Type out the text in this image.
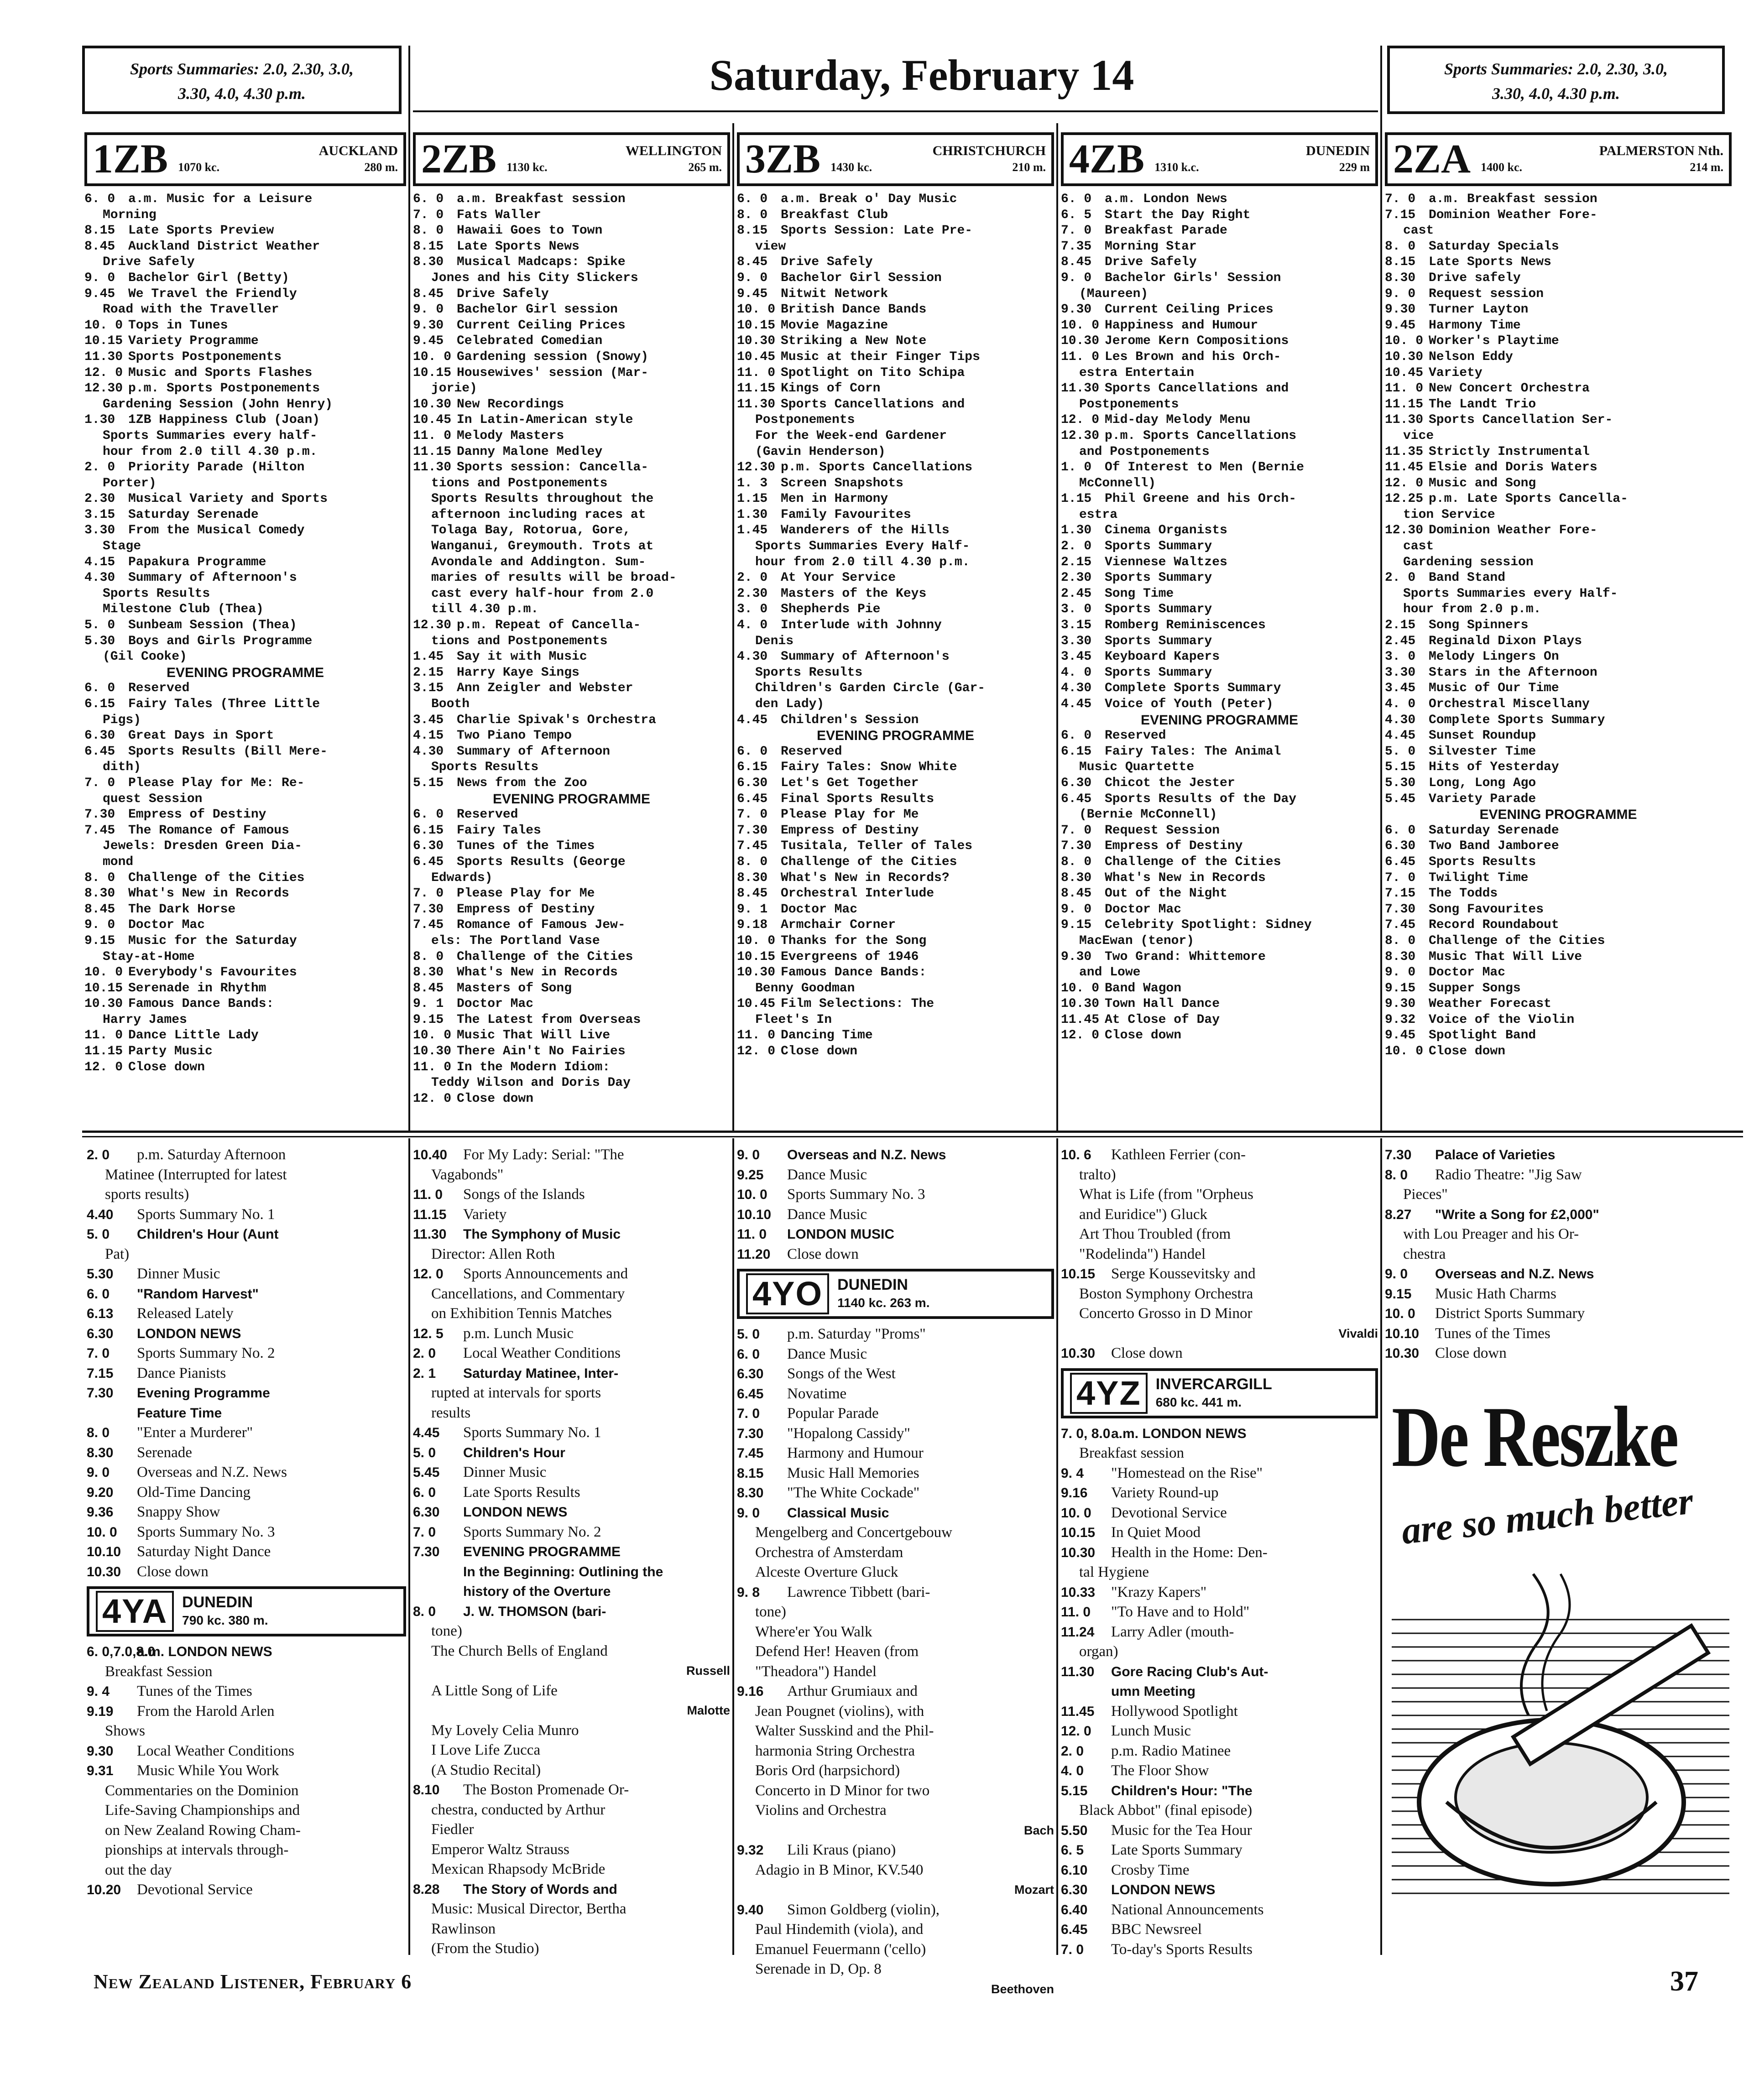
Sports Summaries: 2.0, 2.30, 3.0,
3.30, 4.0, 4.30 p.m.	Saturday, February 14	Sports Summaries: 2.0, 2.30, 3.0,
3.30, 4.0, 4.30 p.m.
1ZB	AUCKLAND
1070 kc.	280 m.
6. 0 a.m. Music for a Leisure
Morning
8.15 Late Sports Preview
8.45 Auckland District Weather
Drive Safely
9. 0 Bachelor Girl (Betty)
9.45 We Travel the Friendly
Road with the Traveller
10. 0 Tops in Tunes
10.15 Variety Programme
11.30 Sports Postponements
12. 0 Music and Sports Flashes
12.30 p.m. Sports Postponements
Gardening Session (John Henry)
1.30 1ZB Happiness Club (Joan)
Sports Summaries every half-
hour from 2.0 till 4.30 p.m.
2. 0 Priority Parade (Hilton
Porter)
2.30 Musical Variety and Sports
3.15 Saturday Serenade
3.30 From the Musical Comedy
Stage
4.15 Papakura Programme
4.30 Summary of Afternoon's
Sports Results
Milestone Club (Thea)
5. 0 Sunbeam Session (Thea)
5.30 Boys and Girls Programme
(Gil Cooke)
EVENING PROGRAMME
6. 0 Reserved
6.15 Fairy Tales (Three Little
Pigs)
6.30 Great Days in Sport
6.45 Sports Results (Bill Mere-
dith)
7. 0 Please Play for Me: Re-
quest Session
7.30 Empress of Destiny
7.45 The Romance of Famous
Jewels: Dresden Green Dia-
mond
8. 0 Challenge of the Cities
8.30 What's New in Records
8.45 The Dark Horse
9. 0 Doctor Mac
9.15 Music for the Saturday
Stay-at-Home
10. 0 Everybody's Favourites
10.15 Serenade in Rhythm
10.30 Famous Dance Bands:
Harry James
11. 0 Dance Little Lady
11.15 Party Music
12. 0 Close down
2ZB	WELLINGTON
1130 kc.	265 m.
6. 0 a.m. Breakfast session
7. 0 Fats Waller
8. 0 Hawaii Goes to Town
8.15 Late Sports News
8.30 Musical Madcaps: Spike
Jones and his City Slickers
8.45 Drive Safely
9. 0 Bachelor Girl session
9.30 Current Ceiling Prices
9.45 Celebrated Comedian
10. 0 Gardening session (Snowy)
10.15 Housewives' session (Mar-
jorie)
10.30 New Recordings
10.45 In Latin-American style
11. 0 Melody Masters
11.15 Danny Malone Medley
11.30 Sports session: Cancella-
tions and Postponements
Sports Results throughout the
afternoon including races at
Tolaga Bay, Rotorua, Gore,
Wanganui, Greymouth. Trots at
Avondale and Addington. Sum-
maries of results will be broad-
cast every half-hour from 2.0
till 4.30 p.m.
12.30 p.m. Repeat of Cancella-
tions and Postponements
1.45 Say it with Music
2.15 Harry Kaye Sings
3.15 Ann Zeigler and Webster
Booth
3.45 Charlie Spivak's Orchestra
4.15 Two Piano Tempo
4.30 Summary of Afternoon
Sports Results
5.15 News from the Zoo
EVENING PROGRAMME
6. 0 Reserved
6.15 Fairy Tales
6.30 Tunes of the Times
6.45 Sports Results (George
Edwards)
7. 0 Please Play for Me
7.30 Empress of Destiny
7.45 Romance of Famous Jew-
els: The Portland Vase
8. 0 Challenge of the Cities
8.30 What's New in Records
8.45 Masters of Song
9. 1 Doctor Mac
9.15 The Latest from Overseas
10. 0 Music That Will Live
10.30 There Ain't No Fairies
11. 0 In the Modern Idiom:
Teddy Wilson and Doris Day
12. 0 Close down
3ZB	CHRISTCHURCH
1430 kc.	210 m.
6. 0 a.m. Break o' Day Music
8. 0 Breakfast Club
8.15 Sports Session: Late Pre-
view
8.45 Drive Safely
9. 0 Bachelor Girl Session
9.45 Nitwit Network
10. 0 British Dance Bands
10.15 Movie Magazine
10.30 Striking a New Note
10.45 Music at their Finger Tips
11. 0 Spotlight on Tito Schipa
11.15 Kings of Corn
11.30 Sports Cancellations and
Postponements
For the Week-end Gardener
(Gavin Henderson)
12.30 p.m. Sports Cancellations
1. 3 Screen Snapshots
1.15 Men in Harmony
1.30 Family Favourites
1.45 Wanderers of the Hills
Sports Summaries Every Half-
hour from 2.0 till 4.30 p.m.
2. 0 At Your Service
2.30 Masters of the Keys
3. 0 Shepherds Pie
4. 0 Interlude with Johnny
Denis
4.30 Summary of Afternoon's
Sports Results
Children's Garden Circle (Gar-
den Lady)
4.45 Children's Session
EVENING PROGRAMME
6. 0 Reserved
6.15 Fairy Tales: Snow White
6.30 Let's Get Together
6.45 Final Sports Results
7. 0 Please Play for Me
7.30 Empress of Destiny
7.45 Tusitala, Teller of Tales
8. 0 Challenge of the Cities
8.30 What's New in Records?
8.45 Orchestral Interlude
9. 1 Doctor Mac
9.18 Armchair Corner
10. 0 Thanks for the Song
10.15 Evergreens of 1946
10.30 Famous Dance Bands:
Benny Goodman
10.45 Film Selections: The
Fleet's In
11. 0 Dancing Time
12. 0 Close down
4ZB	DUNEDIN
1310 k.c.	229 m
6. 0 a.m. London News
6. 5 Start the Day Right
7. 0 Breakfast Parade
7.35 Morning Star
8.45 Drive Safely
9. 0 Bachelor Girls' Session
(Maureen)
9.30 Current Ceiling Prices
10. 0 Happiness and Humour
10.30 Jerome Kern Compositions
11. 0 Les Brown and his Orch-
estra Entertain
11.30 Sports Cancellations and
Postponements
12. 0 Mid-day Melody Menu
12.30 p.m. Sports Cancellations
and Postponements
1. 0 Of Interest to Men (Bernie
McConnell)
1.15 Phil Greene and his Orch-
estra
1.30 Cinema Organists
2. 0 Sports Summary
2.15 Viennese Waltzes
2.30 Sports Summary
2.45 Song Time
3. 0 Sports Summary
3.15 Romberg Reminiscences
3.30 Sports Summary
3.45 Keyboard Kapers
4. 0 Sports Summary
4.30 Complete Sports Summary
4.45 Voice of Youth (Peter)
EVENING PROGRAMME
6. 0 Reserved
6.15 Fairy Tales: The Animal
Music Quartette
6.30 Chicot the Jester
6.45 Sports Results of the Day
(Bernie McConnell)
7. 0 Request Session
7.30 Empress of Destiny
8. 0 Challenge of the Cities
8.30 What's New in Records
8.45 Out of the Night
9. 0 Doctor Mac
9.15 Celebrity Spotlight: Sidney
MacEwan (tenor)
9.30 Two Grand: Whittemore
and Lowe
10. 0 Band Wagon
10.30 Town Hall Dance
11.45 At Close of Day
12. 0 Close down
2ZA	PALMERSTON Nth.
1400 kc.	214 m.
7. 0 a.m. Breakfast session
7.15 Dominion Weather Fore-
cast
8. 0 Saturday Specials
8.15 Late Sports News
8.30 Drive safely
9. 0 Request session
9.30 Turner Layton
9.45 Harmony Time
10. 0 Worker's Playtime
10.30 Nelson Eddy
10.45 Variety
11. 0 New Concert Orchestra
11.15 The Landt Trio
11.30 Sports Cancellation Ser-
vice
11.35 Strictly Instrumental
11.45 Elsie and Doris Waters
12. 0 Music and Song
12.25 p.m. Late Sports Cancella-
tion Service
12.30 Dominion Weather Fore-
cast
Gardening session
2. 0 Band Stand
Sports Summaries every Half-
hour from 2.0 p.m.
2.15 Song Spinners
2.45 Reginald Dixon Plays
3. 0 Melody Lingers On
3.30 Stars in the Afternoon
3.45 Music of Our Time
4. 0 Orchestral Miscellany
4.30 Complete Sports Summary
4.45 Sunset Roundup
5. 0 Silvester Time
5.15 Hits of Yesterday
5.30 Long, Long Ago
5.45 Variety Parade
EVENING PROGRAMME
6. 0 Saturday Serenade
6.30 Two Band Jamboree
6.45 Sports Results
7. 0 Twilight Time
7.15 The Todds
7.30 Song Favourites
7.45 Record Roundabout
8. 0 Challenge of the Cities
8.30 Music That Will Live
9. 0 Doctor Mac
9.15 Supper Songs
9.30 Weather Forecast
9.32 Voice of the Violin
9.45 Spotlight Band
10. 0 Close down
2. 0 p.m. Saturday Afternoon
Matinee (Interrupted for latest
sports results)
4.40 Sports Summary No. 1
5. 0 Children's Hour (Aunt
Pat)
5.30 Dinner Music
6. 0 "Random Harvest"
6.13 Released Lately
6.30 LONDON NEWS
7. 0 Sports Summary No. 2
7.15 Dance Pianists
7.30 Evening Programme
Feature Time
8. 0 "Enter a Murderer"
8.30 Serenade
9. 0 Overseas and N.Z. News
9.20 Old-Time Dancing
9.36 Snappy Show
10. 0 Sports Summary No. 3
10.10 Saturday Night Dance
10.30 Close down
4YA DUNEDIN
790 kc. 380 m.
6. 0,7.0,8.0a.m. LONDON NEWS
Breakfast Session
9. 4 Tunes of the Times
9.19 From the Harold Arlen
Shows
9.30 Local Weather Conditions
9.31 Music While You Work
Commentaries on the Dominion
Life-Saving Championships and
on New Zealand Rowing Cham-
pionships at intervals through-
out the day
10.20 Devotional Service
10.40 For My Lady: Serial: "The
Vagabonds"
11. 0 Songs of the Islands
11.15 Variety
11.30 The Symphony of Music
Director: Allen Roth
12. 0 Sports Announcements and
Cancellations, and Commentary
on Exhibition Tennis Matches
12. 5 p.m. Lunch Music
2. 0 Local Weather Conditions
2. 1 Saturday Matinee, Inter-
rupted at intervals for sports
results
4.45 Sports Summary No. 1
5. 0 Children's Hour
5.45 Dinner Music
6. 0 Late Sports Results
6.30 LONDON NEWS
7. 0 Sports Summary No. 2
7.30 EVENING PROGRAMME
In the Beginning: Outlining the
history of the Overture
8. 0 J. W. THOMSON (bari-
tone)
The Church Bells of England
Russell
A Little Song of Life
Malotte
My Lovely Celia Munro
I Love Life Zucca
(A Studio Recital)
8.10 The Boston Promenade Or-
chestra, conducted by Arthur
Fiedler
Emperor Waltz Strauss
Mexican Rhapsody McBride
8.28 The Story of Words and
Music: Musical Director, Bertha
Rawlinson
(From the Studio)
9. 0 Overseas and N.Z. News
9.25 Dance Music
10. 0 Sports Summary No. 3
10.10 Dance Music
11. 0 LONDON MUSIC
11.20 Close down
4YO DUNEDIN
1140 kc. 263 m.
5. 0 p.m. Saturday "Proms"
6. 0 Dance Music
6.30 Songs of the West
6.45 Novatime
7. 0 Popular Parade
7.30 "Hopalong Cassidy"
7.45 Harmony and Humour
8.15 Music Hall Memories
8.30 "The White Cockade"
9. 0 Classical Music
Mengelberg and Concertgebouw
Orchestra of Amsterdam
Alceste Overture Gluck
9. 8 Lawrence Tibbett (bari-
tone)
Where'er You Walk
Defend Her! Heaven (from
"Theadora") Handel
9.16 Arthur Grumiaux and
Jean Pougnet (violins), with
Walter Susskind and the Phil-
harmonia String Orchestra
Boris Ord (harpsichord)
Concerto in D Minor for two
Violins and Orchestra
Bach
9.32 Lili Kraus (piano)
Adagio in B Minor, KV.540
Mozart
9.40 Simon Goldberg (violin),
Paul Hindemith (viola), and
Emanuel Feuermann ('cello)
Serenade in D, Op. 8
Beethoven
10. 6 Kathleen Ferrier (con-
tralto)
What is Life (from "Orpheus
and Euridice") Gluck
Art Thou Troubled (from
"Rodelinda") Handel
10.15 Serge Koussevitsky and
Boston Symphony Orchestra
Concerto Grosso in D Minor
Vivaldi
10.30 Close down
4YZ INVERCARGILL
680 kc. 441 m.
7. 0, 8.0a.m. LONDON NEWS
Breakfast session
9. 4 "Homestead on the Rise"
9.16 Variety Round-up
10. 0 Devotional Service
10.15 In Quiet Mood
10.30 Health in the Home: Den-
tal Hygiene
10.33 "Krazy Kapers"
11. 0 "To Have and to Hold"
11.24 Larry Adler (mouth-
organ)
11.30 Gore Racing Club's Aut-
umn Meeting
11.45 Hollywood Spotlight
12. 0 Lunch Music
2. 0 p.m. Radio Matinee
4. 0 The Floor Show
5.15 Children's Hour: "The
Black Abbot" (final episode)
5.50 Music for the Tea Hour
6. 5 Late Sports Summary
6.10 Crosby Time
6.30 LONDON NEWS
6.40 National Announcements
6.45 BBC Newsreel
7. 0 To-day's Sports Results
7.30 Palace of Varieties
8. 0 Radio Theatre: "Jig Saw
Pieces"
8.27 "Write a Song for £2,000"
with Lou Preager and his Or-
chestra
9. 0 Overseas and N.Z. News
9.15 Music Hath Charms
10. 0 District Sports Summary
10.10 Tunes of the Times
10.30 Close down
De Reszke
are so much better
New Zealand Listener, February 6	37
